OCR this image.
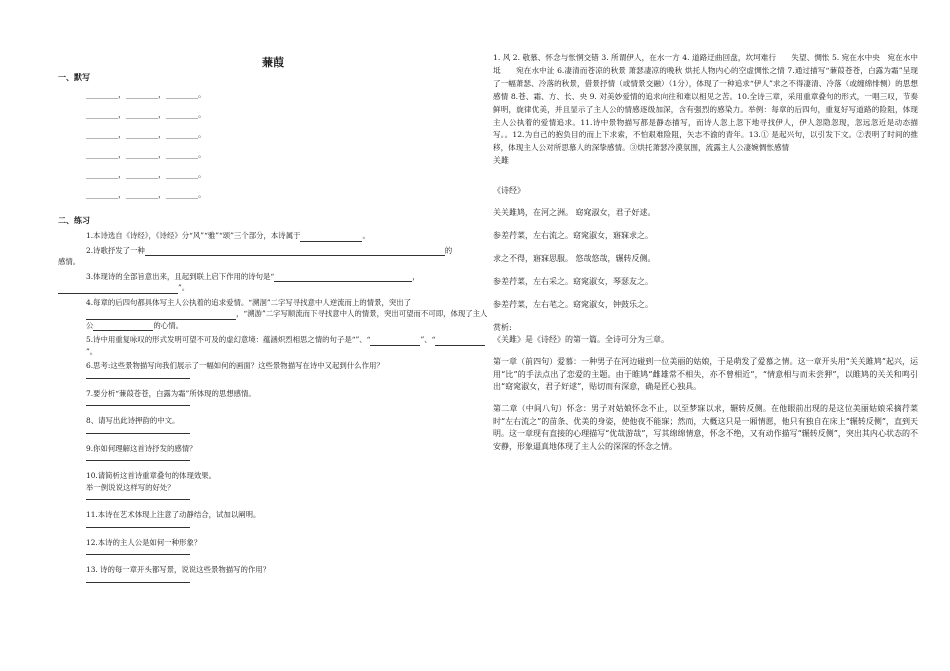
蒹葭
一、默写
________，________，________。
________，________，________。
________，________，________。
________，________，________。
________，________，________。
________，________，________。
二、练习

1.本诗选自《诗经》，《诗经》分“风”“雅”“颂”三个部分，本诗属于	。

2.诗歌抒发了一种	的
感情。

3.体现诗的全部旨意出来，且起到联上启下作用的诗句是“	，
”。

4.每章的后四句都具体写主人公执着的追求爱情。“溯洄”二字写寻找意中人逆流而上的情景，突出了，“溯游”二字写顺流而下寻找意中人的情景，突出可望而不可即，体现了主人公	的心情。

5.诗中用重复咏叹的形式发明可望不可及的虚幻意境：蕴涵炽烈相思之情的句子是“”、“	”、“”。

6.思考:这些景物描写向我们展示了一幅如何的画面？这些景物描写在诗中又起到什么作用？

7.要分析“蒹葭苍苍，白露为霜”所体现的思想感情。

8、请写出此诗押韵的中文。

9.你如何理解这首诗抒发的感情？

10.请简析这首诗重章叠句的体现效果。
举一例说说这样写的好处？

11.本诗在艺术体现上注意了动静结合，试加以阐明。

12.本诗的主人公是如何一种形象？

13. 诗的每一章开头都写景，说说这些景物描写的作用？

1. 风 2. 敬慕、怀念与怅惘交错 3. 所谓伊人，在水一方 4. 道路迂曲回盘，坎坷难行　　失望、惆怅 5. 宛在水中央　宛在水中坻　　宛在水中沚 6.凄清而苍凉的秋景 萧瑟凄凉的晚秋 烘托人物内心的空虚惆怅之情 7.通过描写“蒹葭苍苍，白露为霜”呈现了一幅萧瑟、冷落的秋景，借景抒情（或情景交融）（1分），体现了一种追求“伊人”求之不得凄清、冷落（或缠绵悱恻）的思想感情 8.苍、霜、方、长、央 9. 对美妙爱情的追求向往和难以相见之苦。10.全诗三章，采用重章叠句的形式，一唱三叹，节奏鲜明，旋律优美，并且显示了主人公的情感逐级加深，含有强烈的感染力。举例：每章的后四句，重复好写道路的险阻，体现主人公执着的爱情追求。11.诗中景物描写都是静态描写，而诗人忽上忽下地寻找伊人，伊人忽隐忽现，忽远忽近是动态描写。。12.为自己的抱负目的而上下求索，不怕艰难险阻，矢志不渝的青年。13.① 是起兴句，以引发下文。②表明了时间的推移，体现主人公对所思慕人的深挚感情。③烘托萧瑟冷漠氛围，流露主人公凄婉惆怅感情

关雎

《诗经》

关关雎鸠，在河之洲。 窈窕淑女，君子好逑。

参差荇菜，左右流之。窈窕淑女，寤寐求之。

求之不得，寤寐思服。 悠哉悠哉，辗转反侧。

参差荇菜，左右采之。窈窕淑女，琴瑟友之。

参差荇菜，左右芼之。窈窕淑女，钟鼓乐之。

赏析:

《关雎》是《诗经》的第一篇。全诗可分为三章。

第一章（前四句）爱慕：一种男子在河边碰到一位美丽的姑娘，于是萌发了爱慕之情。这一章开头用“关关雎鸠”起兴，运用“比”的手法点出了恋爱的主题。由于睢鸠“雌雄常不相失，亦不曾相近”，“情意相与而未尝狎”，以睢鸠的关关和鸣引出“窈窕淑女，君子好逑”，贴切而有深意，确是匠心独具。

第二章（中间八句）怀念：男子对姑娘怀念不止，以至梦寐以求，辗转反侧。在他眼前出现的是这位美丽姑娘采摘荇菜时“左右流之”的苗条、优美的身姿，使他夜不能寐；然而，大概这只是一厢情愿，他只有独自在床上“辗转反侧”，直到天明。这一章现有直接的心理描写“优哉游哉”，写其绵绵情意，怀念不绝，又有动作描写“辗转反侧”，突出其内心状态的不安静，形象逼真地体现了主人公的深深的怀念之情。
